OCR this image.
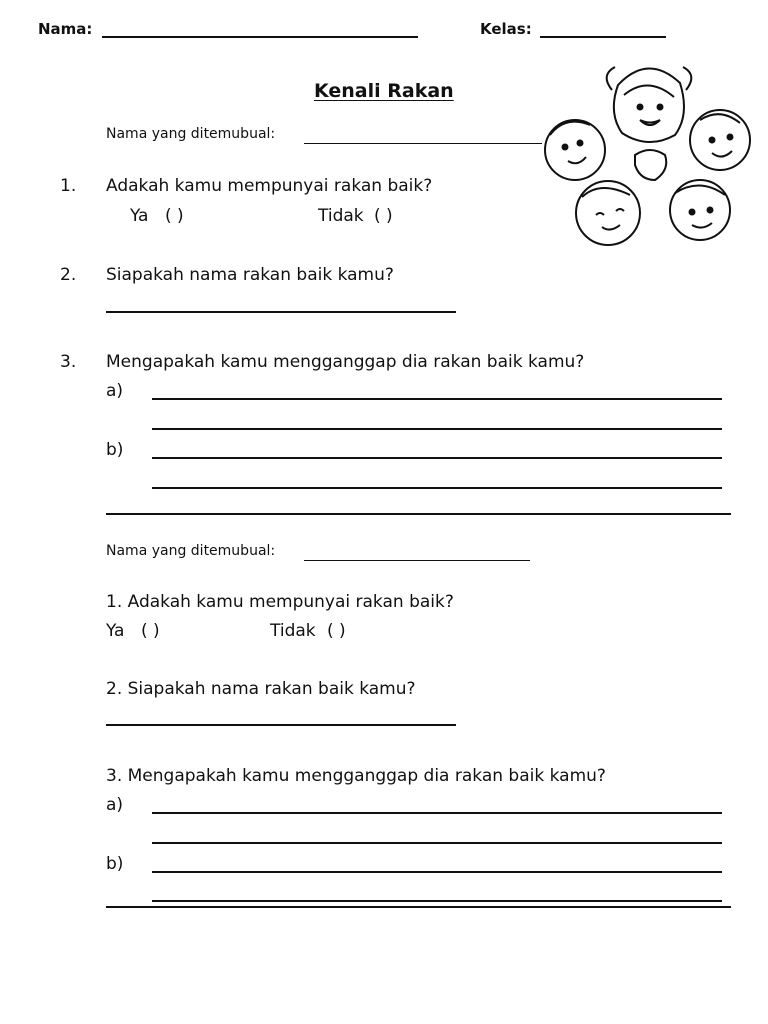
Nama:	Kelas:
Kenali Rakan
Nama yang ditemubual:
1. Adakah kamu mempunyai rakan baik?
Ya ( )	Tidak ( )
2. Siapakah nama rakan baik kamu?
3. Mengapakah kamu mengganggap dia rakan baik kamu?
a)
b)
Nama yang ditemubual:
1. Adakah kamu mempunyai rakan baik?
Ya ( )	Tidak ( )
2. Siapakah nama rakan baik kamu?
3. Mengapakah kamu mengganggap dia rakan baik kamu?
a)
b)
